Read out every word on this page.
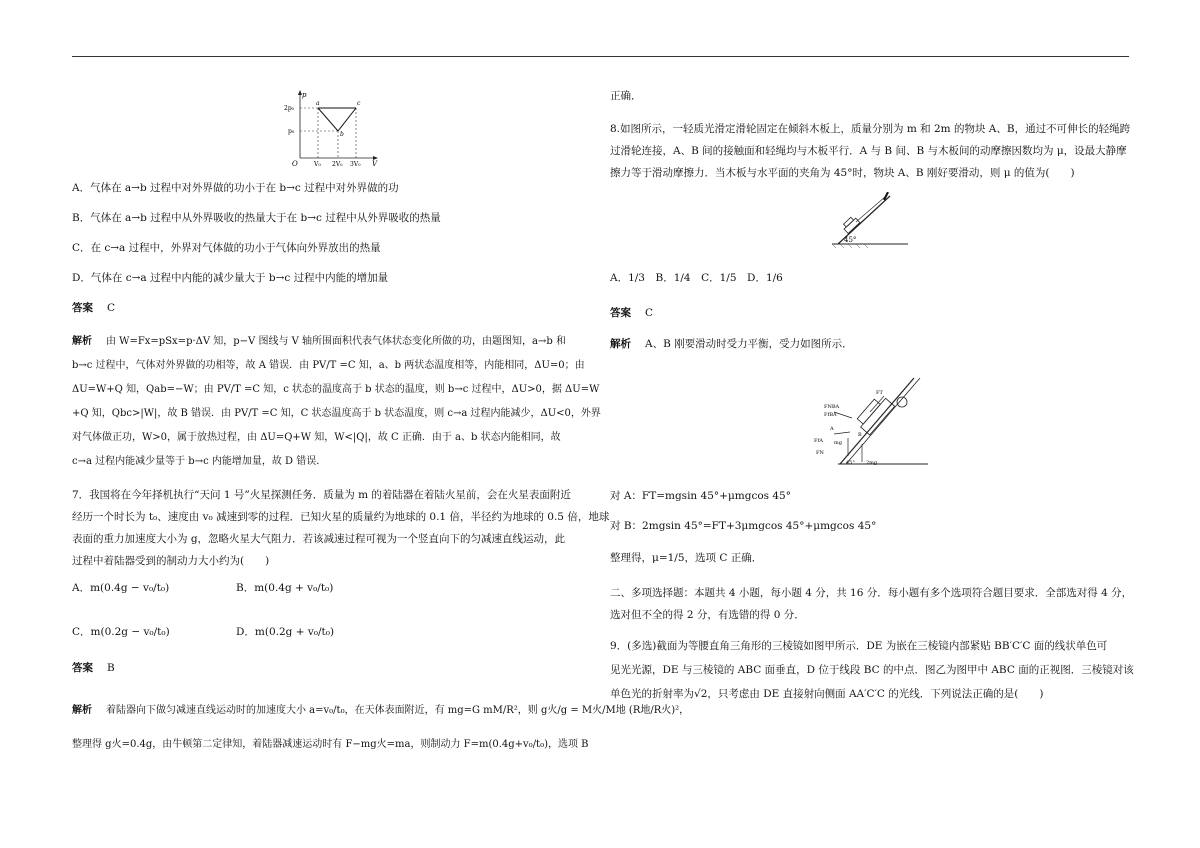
p
V
O
2p₀
p₀
V₀ 2V₀ 3V₀
a
b
c

A．气体在 a→b 过程中对外界做的功小于在 b→c 过程中对外界做的功

B．气体在 a→b 过程中从外界吸收的热量大于在 b→c 过程中从外界吸收的热量

C．在 c→a 过程中，外界对气体做的功小于气体向外界放出的热量

D．气体在 c→a 过程中内能的减少量大于 b→c 过程中内能的增加量

答案 C

解析 由 W=Fx=pSx=p·ΔV 知，p−V 图线与 V 轴所围面积代表气体状态变化所做的功，由题图知，a→b 和

b→c 过程中，气体对外界做的功相等，故 A 错误．由 PV/T =C 知，a、b 两状态温度相等，内能相同，ΔU=0；由

ΔU=W+Q 知，Qab=−W；由 PV/T =C 知，c 状态的温度高于 b 状态的温度，则 b→c 过程中，ΔU>0，据 ΔU=W

+Q 知，Qbc>|W|，故 B 错误．由 PV/T =C 知，C 状态温度高于 b 状态温度，则 c→a 过程内能减少，ΔU<0，外界

对气体做正功，W>0，属于放热过程，由 ΔU=Q+W 知，W<|Q|，故 C 正确．由于 a、b 状态内能相同，故

c→a 过程内能减少量等于 b→c 内能增加量，故 D 错误．

7．我国将在今年择机执行“天问 1 号”火星探测任务．质量为 m 的着陆器在着陆火星前，会在火星表面附近

经历一个时长为 t₀、速度由 v₀ 减速到零的过程．已知火星的质量约为地球的 0.1 倍，半径约为地球的 0.5 倍，地球

表面的重力加速度大小为 g，忽略火星大气阻力．若该减速过程可视为一个竖直向下的匀减速直线运动，此

过程中着陆器受到的制动力大小约为(　　)

A．m(0.4g − v₀/t₀)	B．m(0.4g + v₀/t₀)
C．m(0.2g − v₀/t₀)	D．m(0.2g + v₀/t₀)
答案 B

解析 着陆器向下做匀减速直线运动时的加速度大小 a=v₀/t₀，在天体表面附近，有 mg=G mM/R²，则 g火/g = M火/M地 (R地/R火)²，

整理得 g火=0.4g，由牛顿第二定律知，着陆器减速运动时有 F−mg火=ma，则制动力 F=m(0.4g+v₀/t₀)，选项 B

正确．

8.如图所示，一轻质光滑定滑轮固定在倾斜木板上，质量分别为 m 和 2m 的物块 A、B，通过不可伸长的轻绳跨

过滑轮连接，A、B 间的接触面和轻绳均与木板平行．A 与 B 间、B 与木板间的动摩擦因数均为 μ，设最大静摩

擦力等于滑动摩擦力．当木板与水平面的夹角为 45°时，物块 A、B 刚好要滑动，则 μ 的值为(　　)

45°
A．1/3　B．1/4　C．1/5　D．1/6
答案 C
解析 A、B 刚要滑动时受力平衡，受力如图所示．
FNBA
FfBA
FT
A
B
FfA mg
2mg
FN
45°
对 A：FT=mgsin 45°+μmgcos 45°
对 B：2mgsin 45°=FT+3μmgcos 45°+μmgcos 45°
整理得，μ=1/5，选项 C 正确．

二、多项选择题：本题共 4 小题，每小题 4 分，共 16 分．每小题有多个选项符合题目要求．全部选对得 4 分，

选对但不全的得 2 分，有选错的得 0 分．

9．(多选)截面为等腰直角三角形的三棱镜如图甲所示．DE 为嵌在三棱镜内部紧贴 BB′C′C 面的线状单色可

见光光源，DE 与三棱镜的 ABC 面垂直，D 位于线段 BC 的中点．图乙为图甲中 ABC 面的正视图．三棱镜对该

单色光的折射率为√2，只考虑由 DE 直接射向侧面 AA′C′C 的光线．下列说法正确的是(　　)
